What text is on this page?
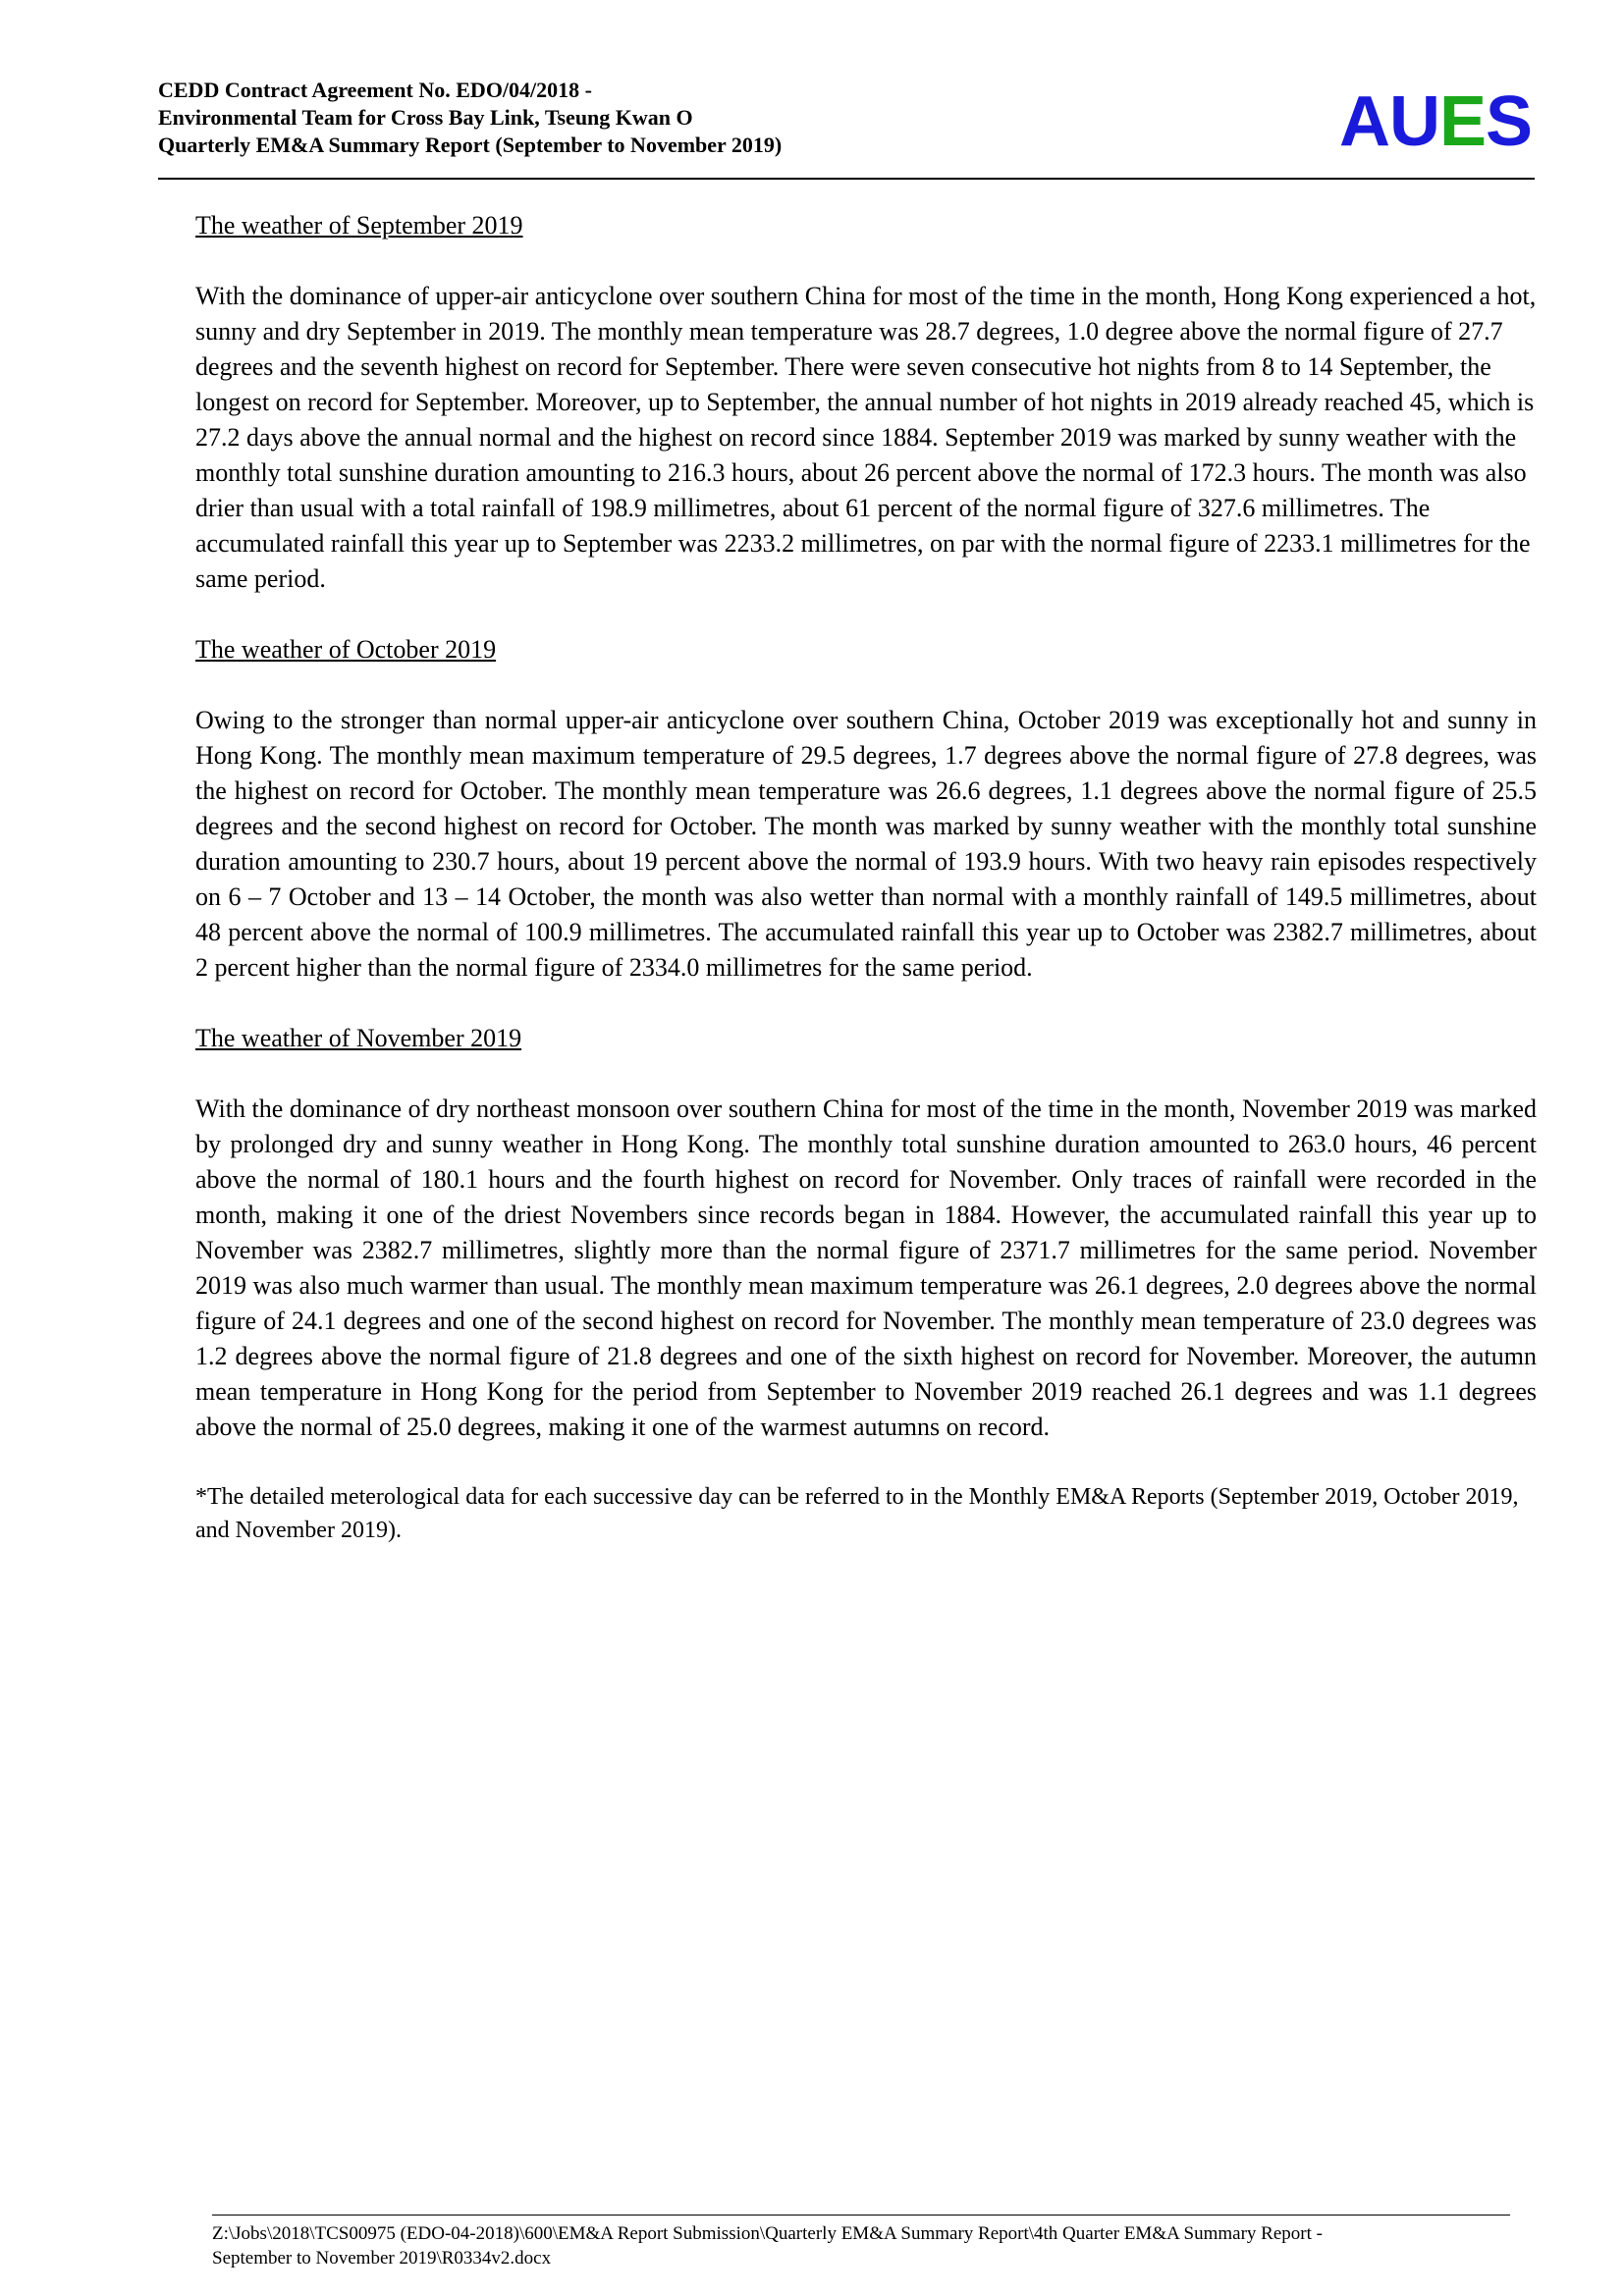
CEDD Contract Agreement No. EDO/04/2018 -
Environmental Team for Cross Bay Link, Tseung Kwan O
Quarterly EM&A Summary Report (September to November 2019)	AUES
The weather of September 2019

With the dominance of upper-air anticyclone over southern China for most of the time in the month, Hong Kong experienced a hot, sunny and dry September in 2019. The monthly mean temperature was 28.7 degrees, 1.0 degree above the normal figure of 27.7 degrees and the seventh highest on record for September. There were seven consecutive hot nights from 8 to 14 September, the longest on record for September. Moreover, up to September, the annual number of hot nights in 2019 already reached 45, which is 27.2 days above the annual normal and the highest on record since 1884. September 2019 was marked by sunny weather with the monthly total sunshine duration amounting to 216.3 hours, about 26 percent above the normal of 172.3 hours. The month was also drier than usual with a total rainfall of 198.9 millimetres, about 61 percent of the normal figure of 327.6 millimetres. The accumulated rainfall this year up to September was 2233.2 millimetres, on par with the normal figure of 2233.1 millimetres for the same period.

The weather of October 2019

Owing to the stronger than normal upper-air anticyclone over southern China, October 2019 was exceptionally hot and sunny in Hong Kong. The monthly mean maximum temperature of 29.5 degrees, 1.7 degrees above the normal figure of 27.8 degrees, was the highest on record for October. The monthly mean temperature was 26.6 degrees, 1.1 degrees above the normal figure of 25.5 degrees and the second highest on record for October. The month was marked by sunny weather with the monthly total sunshine duration amounting to 230.7 hours, about 19 percent above the normal of 193.9 hours. With two heavy rain episodes respectively on 6 – 7 October and 13 – 14 October, the month was also wetter than normal with a monthly rainfall of 149.5 millimetres, about 48 percent above the normal of 100.9 millimetres. The accumulated rainfall this year up to October was 2382.7 millimetres, about 2 percent higher than the normal figure of 2334.0 millimetres for the same period.

The weather of November 2019

With the dominance of dry northeast monsoon over southern China for most of the time in the month, November 2019 was marked by prolonged dry and sunny weather in Hong Kong. The monthly total sunshine duration amounted to 263.0 hours, 46 percent above the normal of 180.1 hours and the fourth highest on record for November. Only traces of rainfall were recorded in the month, making it one of the driest Novembers since records began in 1884. However, the accumulated rainfall this year up to November was 2382.7 millimetres, slightly more than the normal figure of 2371.7 millimetres for the same period. November 2019 was also much warmer than usual. The monthly mean maximum temperature was 26.1 degrees, 2.0 degrees above the normal figure of 24.1 degrees and one of the second highest on record for November. The monthly mean temperature of 23.0 degrees was 1.2 degrees above the normal figure of 21.8 degrees and one of the sixth highest on record for November. Moreover, the autumn mean temperature in Hong Kong for the period from September to November 2019 reached 26.1 degrees and was 1.1 degrees above the normal of 25.0 degrees, making it one of the warmest autumns on record.

*The detailed meterological data for each successive day can be referred to in the Monthly EM&A Reports (September 2019, October 2019, and November 2019).

Z:\Jobs\2018\TCS00975 (EDO-04-2018)\600\EM&A Report Submission\Quarterly EM&A Summary Report\4th Quarter EM&A Summary Report -
September to November 2019\R0334v2.docx
